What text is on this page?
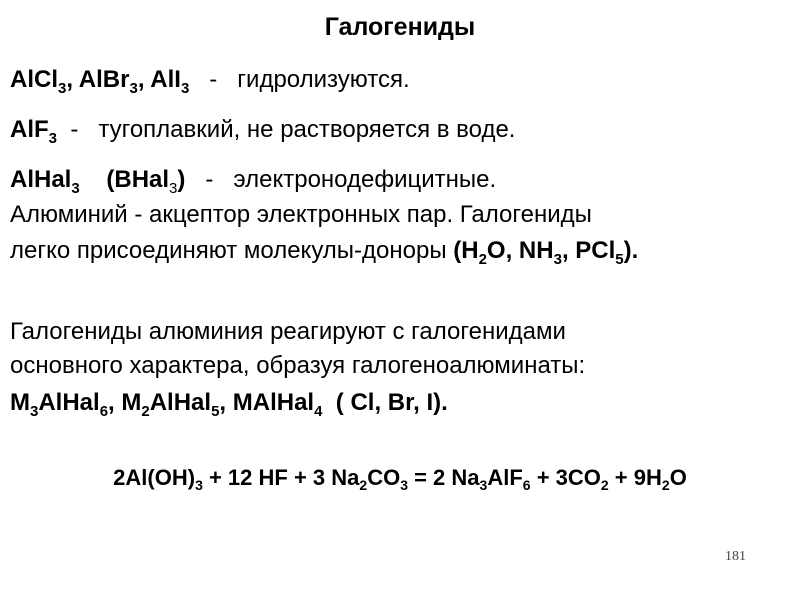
Галогениды
AlCl$_3$, AlBr$_3$, AlI$_3$   -   гидролизуются.
AlF$_3$  -   тугоплавкий, не растворяется в воде.
AlHal$_3$    (BHal$_3$)   -   электронодефицитные.
Алюминий - акцептор электронных пар. Галогениды
легко присоединяют молекулы-доноры ($H_2O$, $NH_3$, PCl$_5$).
Галогениды алюминия реагируют с галогенидами
основного характера, образуя галогеноалюминаты:
$M_3AlHal_6$, $M_2AlHal_5$, MAlHal$_4$  ( Cl, Br, I).
$2Al(OH)_3 + 12$ HF + 3 $Na_2CO_3 = 2$ $Na_3AlF_6 + 3CO_2 + 9H_2O$
181
